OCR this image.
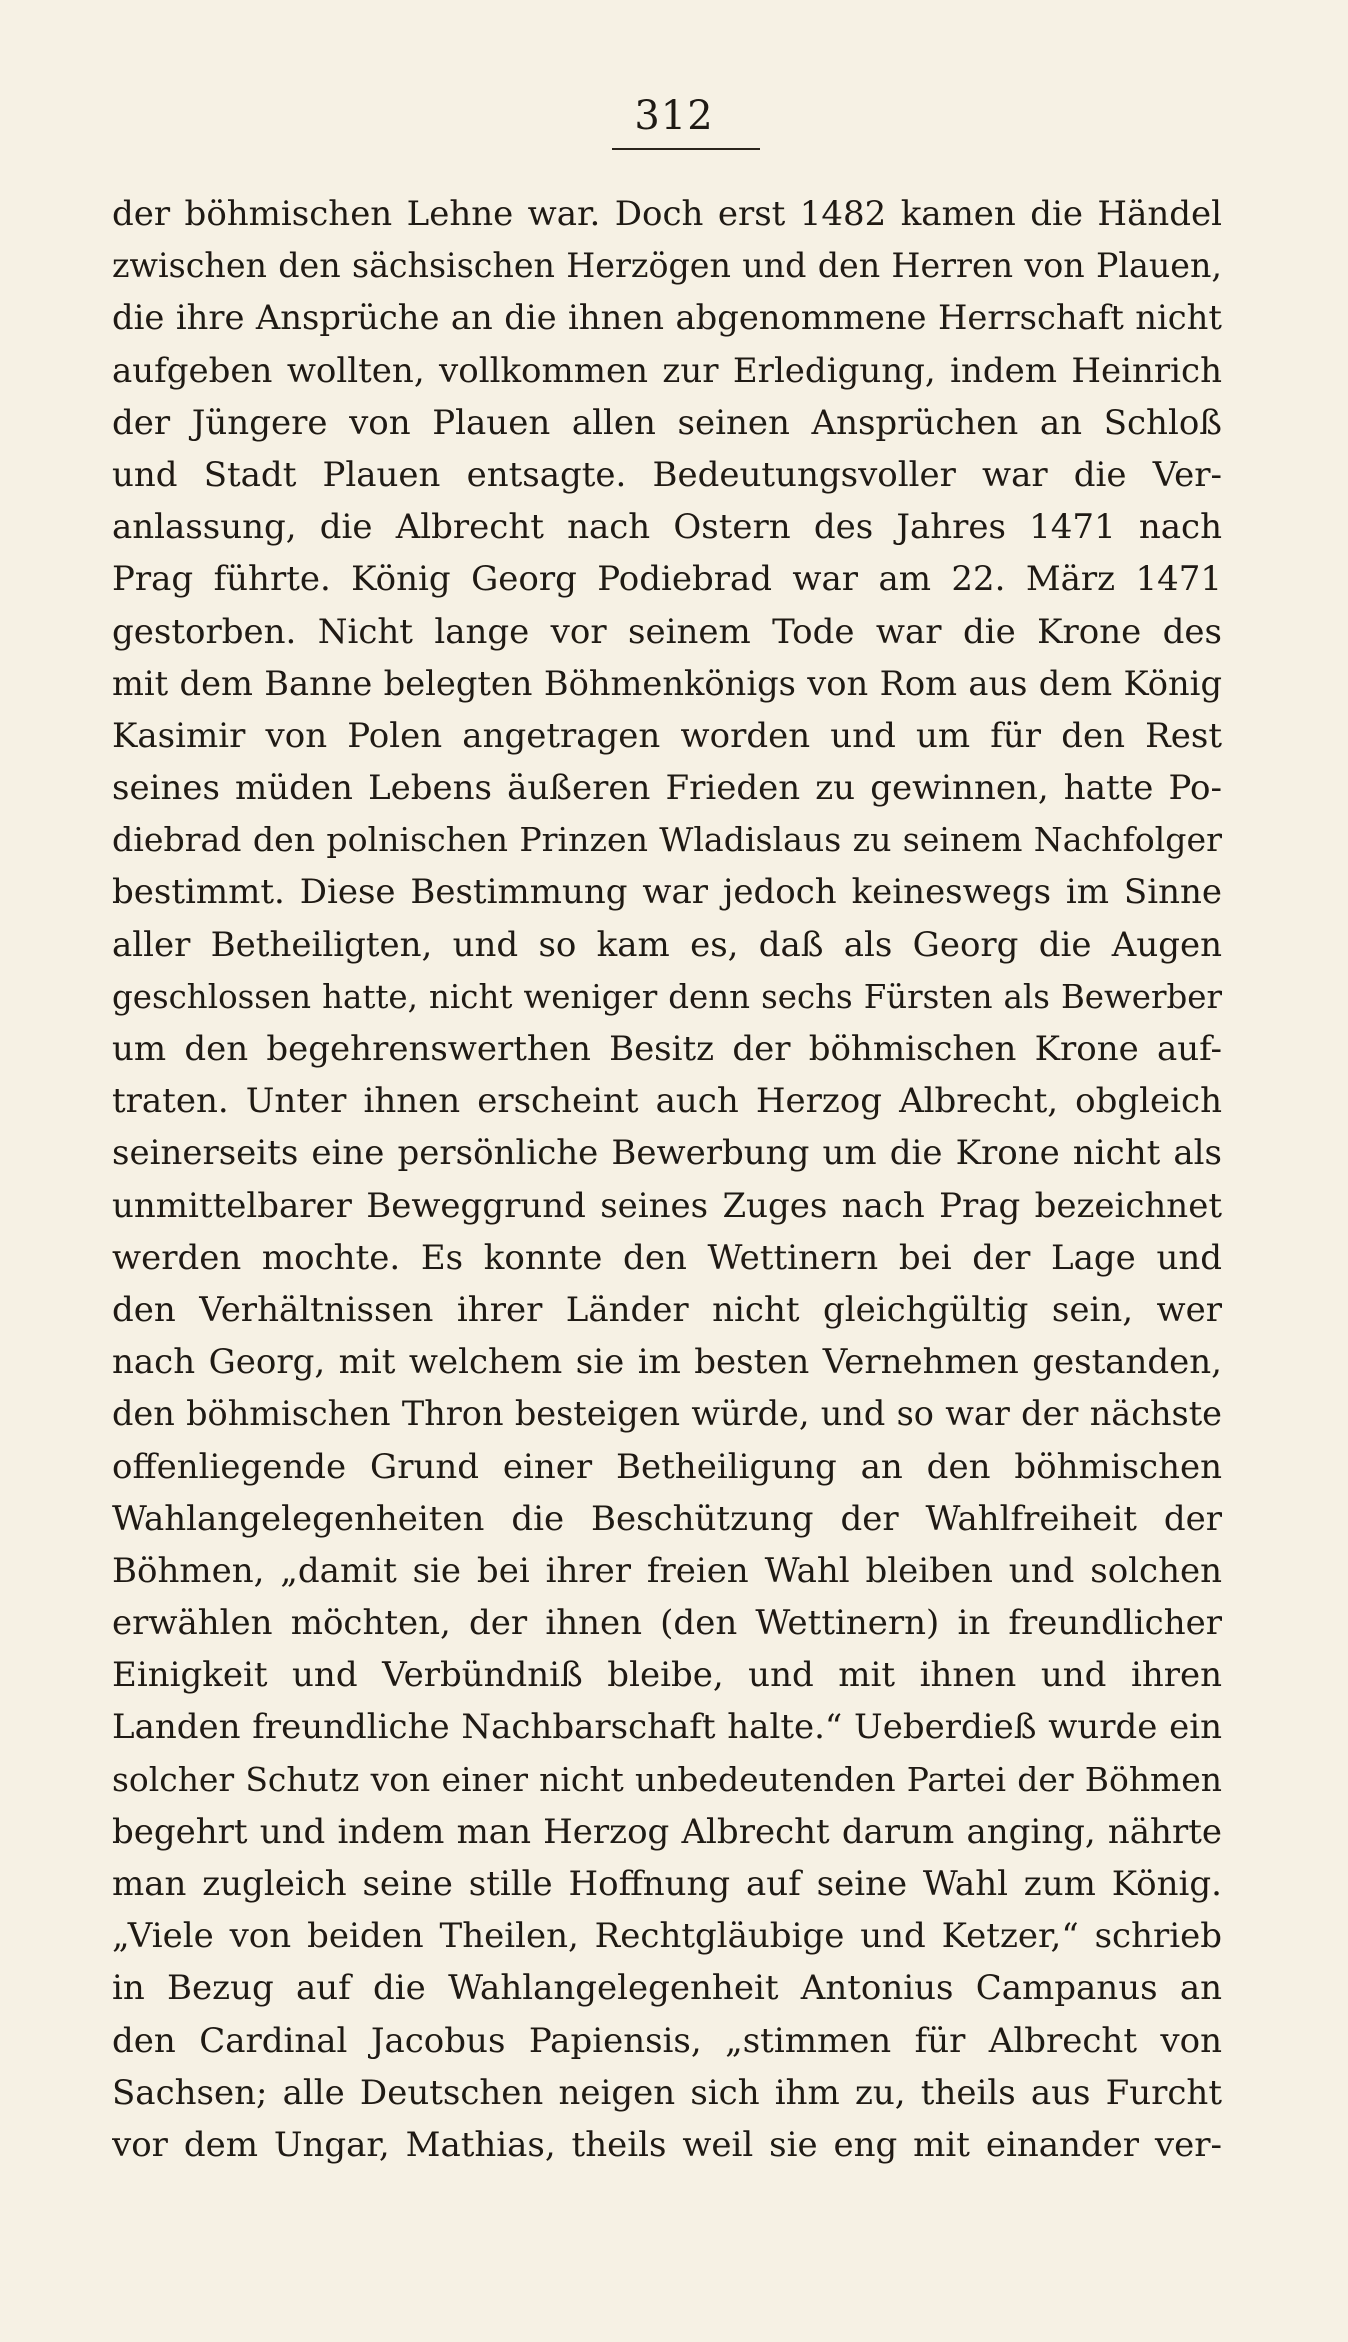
312
der böhmischen Lehne war. Doch erst 1482 kamen die Händel
zwischen den sächsischen Herzögen und den Herren von Plauen,
die ihre Ansprüche an die ihnen abgenommene Herrschaft nicht
aufgeben wollten, vollkommen zur Erledigung, indem Heinrich
der Jüngere von Plauen allen seinen Ansprüchen an Schloß
und Stadt Plauen entsagte. Bedeutungsvoller war die Ver-
anlassung, die Albrecht nach Ostern des Jahres 1471 nach
Prag führte. König Georg Podiebrad war am 22. März 1471
gestorben. Nicht lange vor seinem Tode war die Krone des
mit dem Banne belegten Böhmenkönigs von Rom aus dem König
Kasimir von Polen angetragen worden und um für den Rest
seines müden Lebens äußeren Frieden zu gewinnen, hatte Po-
diebrad den polnischen Prinzen Wladislaus zu seinem Nachfolger
bestimmt. Diese Bestimmung war jedoch keineswegs im Sinne
aller Betheiligten, und so kam es, daß als Georg die Augen
geschlossen hatte, nicht weniger denn sechs Fürsten als Bewerber
um den begehrenswerthen Besitz der böhmischen Krone auf-
traten. Unter ihnen erscheint auch Herzog Albrecht, obgleich
seinerseits eine persönliche Bewerbung um die Krone nicht als
unmittelbarer Beweggrund seines Zuges nach Prag bezeichnet
werden mochte. Es konnte den Wettinern bei der Lage und
den Verhältnissen ihrer Länder nicht gleichgültig sein, wer
nach Georg, mit welchem sie im besten Vernehmen gestanden,
den böhmischen Thron besteigen würde, und so war der nächste
offenliegende Grund einer Betheiligung an den böhmischen
Wahlangelegenheiten die Beschützung der Wahlfreiheit der
Böhmen, „damit sie bei ihrer freien Wahl bleiben und solchen
erwählen möchten, der ihnen (den Wettinern) in freundlicher
Einigkeit und Verbündniß bleibe, und mit ihnen und ihren
Landen freundliche Nachbarschaft halte.“ Ueberdieß wurde ein
solcher Schutz von einer nicht unbedeutenden Partei der Böhmen
begehrt und indem man Herzog Albrecht darum anging, nährte
man zugleich seine stille Hoffnung auf seine Wahl zum König.
„Viele von beiden Theilen, Rechtgläubige und Ketzer,“ schrieb
in Bezug auf die Wahlangelegenheit Antonius Campanus an
den Cardinal Jacobus Papiensis, „stimmen für Albrecht von
Sachsen; alle Deutschen neigen sich ihm zu, theils aus Furcht
vor dem Ungar, Mathias, theils weil sie eng mit einander ver-
